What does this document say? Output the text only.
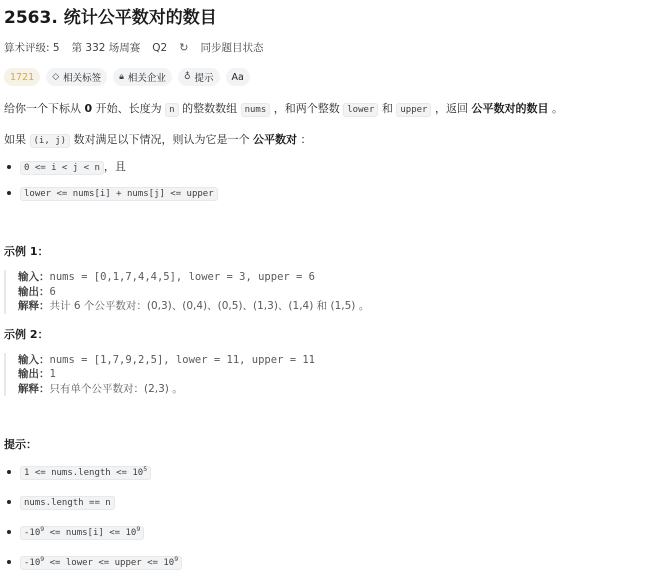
2563. 统计公平数对的数目
算术评级: 5 第 332 场周赛 Q2 ↻ 同步题目状态
1721	◇ 相关标签 🔒︎ 相关企业 ♁ 提示 Aa
给你一个下标从 0 开始、长度为 n 的整数数组 nums ，和两个整数 lower 和 upper ，返回 公平数对的数目 。
如果 (i, j) 数对满足以下情况，则认为它是一个 公平数对 ：
0 <= i < j < n ，且
lower <= nums[i] + nums[j] <= upper
示例 1：
输入：nums = [0,1,7,4,4,5], lower = 3, upper = 6
输出：6
解释：共计 6 个公平数对：(0,3)、(0,4)、(0,5)、(1,3)、(1,4) 和 (1,5) 。
示例 2：
输入：nums = [1,7,9,2,5], lower = 11, upper = 11
输出：1
解释：只有单个公平数对：(2,3) 。
提示：
1 <= nums.length <= $10^5$
nums.length == n
$-10^9$ <= nums[i] <= $10^9$
$-10^9$ <= lower <= upper <= $10^9$
